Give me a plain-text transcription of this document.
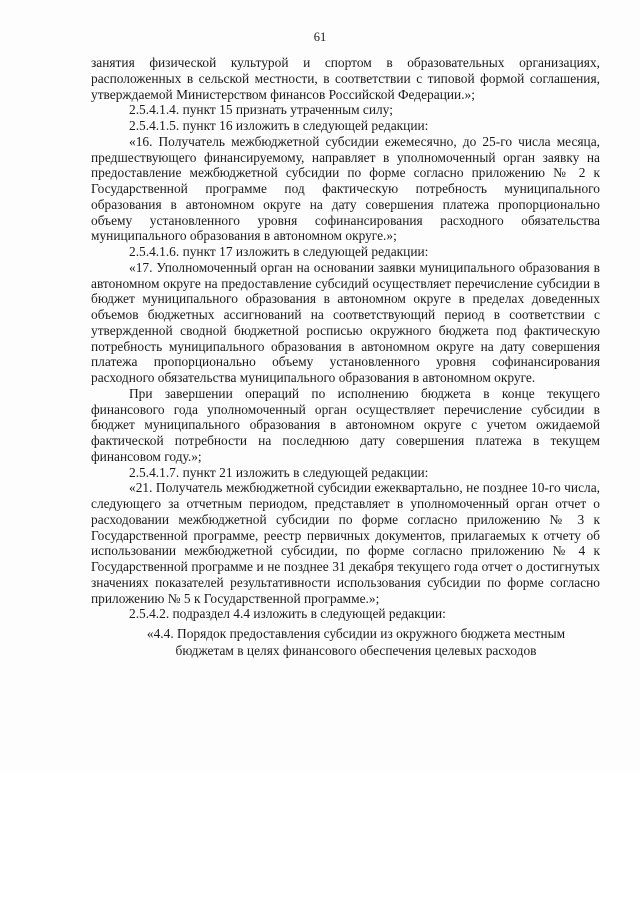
61

занятия физической культурой и спортом в образовательных организациях, расположенных в сельской местности, в соответствии с типовой формой соглашения, утверждаемой Министерством финансов Российской Федерации.»;

2.5.4.1.4. пункт 15 признать утраченным силу;

2.5.4.1.5. пункт 16 изложить в следующей редакции:

«16. Получатель межбюджетной субсидии ежемесячно, до 25-го числа месяца, предшествующего финансируемому, направляет в уполномоченный орган заявку на предоставление межбюджетной субсидии по форме согласно приложению № 2 к Государственной программе под фактическую потребность муниципального образования в автономном округе на дату совершения платежа пропорционально объему установленного уровня софинансирования расходного обязательства муниципального образования в автономном округе.»;

2.5.4.1.6. пункт 17 изложить в следующей редакции:

«17. Уполномоченный орган на основании заявки муниципального образования в автономном округе на предоставление субсидий осуществляет перечисление субсидии в бюджет муниципального образования в автономном округе в пределах доведенных объемов бюджетных ассигнований на соответствующий период в соответствии с утвержденной сводной бюджетной росписью окружного бюджета под фактическую потребность муниципального образования в автономном округе на дату совершения платежа пропорционально объему установленного уровня софинансирования расходного обязательства муниципального образования в автономном округе.

При завершении операций по исполнению бюджета в конце текущего финансового года уполномоченный орган осуществляет перечисление субсидии в бюджет муниципального образования в автономном округе с учетом ожидаемой фактической потребности на последнюю дату совершения платежа в текущем финансовом году.»;

2.5.4.1.7. пункт 21 изложить в следующей редакции:

«21. Получатель межбюджетной субсидии ежеквартально, не позднее 10-го числа, следующего за отчетным периодом, представляет в уполномоченный орган отчет о расходовании межбюджетной субсидии по форме согласно приложению № 3 к Государственной программе, реестр первичных документов, прилагаемых к отчету об использовании межбюджетной субсидии, по форме согласно приложению № 4 к Государственной программе и не позднее 31 декабря текущего года отчет о достигнутых значениях показателей результативности использования субсидии по форме согласно приложению № 5 к Государственной программе.»;

2.5.4.2. подраздел 4.4 изложить в следующей редакции:

«4.4. Порядок предоставления субсидии из окружного бюджета местным

бюджетам в целях финансового обеспечения целевых расходов
